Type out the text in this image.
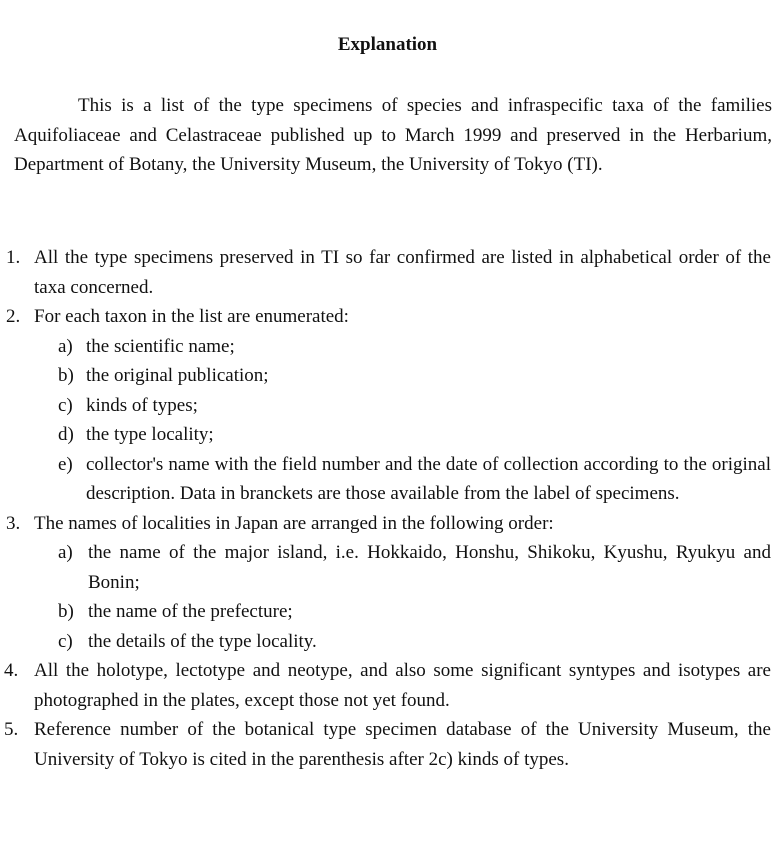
Explanation

This is a list of the type specimens of species and infraspecific taxa of the families Aquifoliaceae and Celastraceae published up to March 1999 and preserved in the Herbarium, Department of Botany, the University Museum, the University of Tokyo (TI).

1. All the type specimens preserved in TI so far confirmed are listed in alphabetical order of the taxa concerned.
2. For each taxon in the list are enumerated:
a) the scientific name;
b) the original publication;
c) kinds of types;
d) the type locality;
e) collector's name with the field number and the date of collection according to the original description. Data in branckets are those available from the label of specimens.
3. The names of localities in Japan are arranged in the following order:
a) the name of the major island, i.e. Hokkaido, Honshu, Shikoku, Kyushu, Ryukyu and Bonin;
b) the name of the prefecture;
c) the details of the type locality.
4. All the holotype, lectotype and neotype, and also some significant syntypes and isotypes are photographed in the plates, except those not yet found.
5. Reference number of the botanical type specimen database of the University Museum, the University of Tokyo is cited in the parenthesis after 2c) kinds of types.
